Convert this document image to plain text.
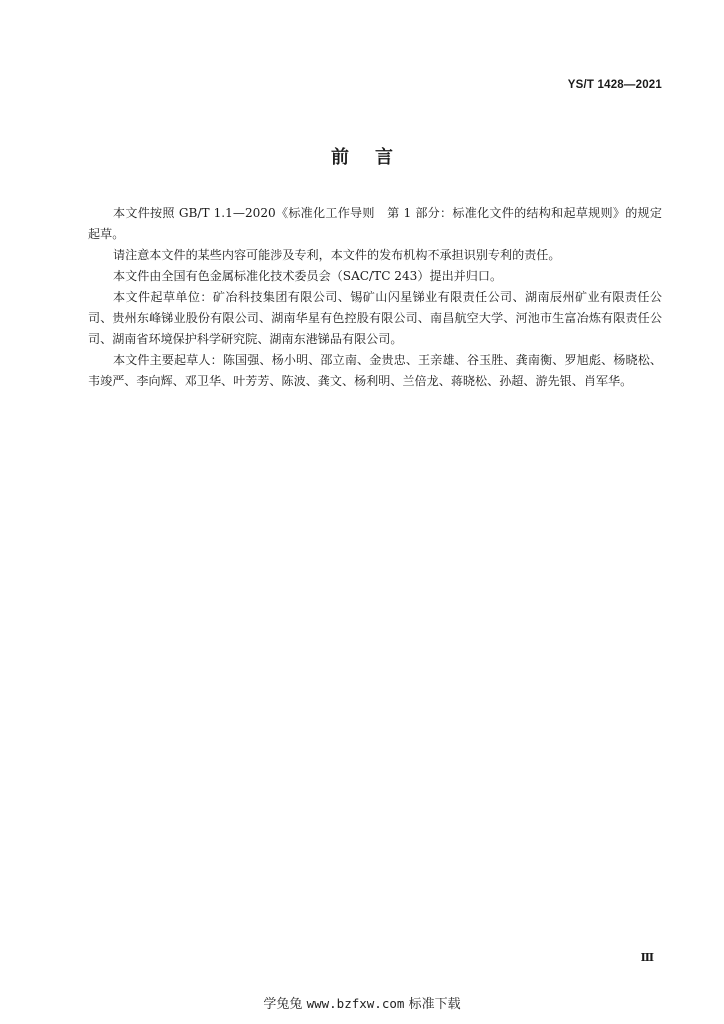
YS/T 1428—2021
前言

本文件按照 GB/T 1.1—2020《标准化工作导则　第 1 部分：标准化文件的结构和起草规则》的规定起草。

请注意本文件的某些内容可能涉及专利，本文件的发布机构不承担识别专利的责任。

本文件由全国有色金属标准化技术委员会（SAC/TC 243）提出并归口。

本文件起草单位：矿冶科技集团有限公司、锡矿山闪星锑业有限责任公司、湖南辰州矿业有限责任公司、贵州东峰锑业股份有限公司、湖南华星有色控股有限公司、南昌航空大学、河池市生富冶炼有限责任公司、湖南省环境保护科学研究院、湖南东港锑品有限公司。

本文件主要起草人：陈国强、杨小明、邵立南、金贵忠、王亲雄、谷玉胜、龚南衡、罗旭彪、杨晓松、韦竣严、李向辉、邓卫华、叶芳芳、陈波、龚文、杨利明、兰倍龙、蒋晓松、孙超、游先银、肖军华。

Ⅲ
学兔兔 www.bzfxw.com 标准下载
